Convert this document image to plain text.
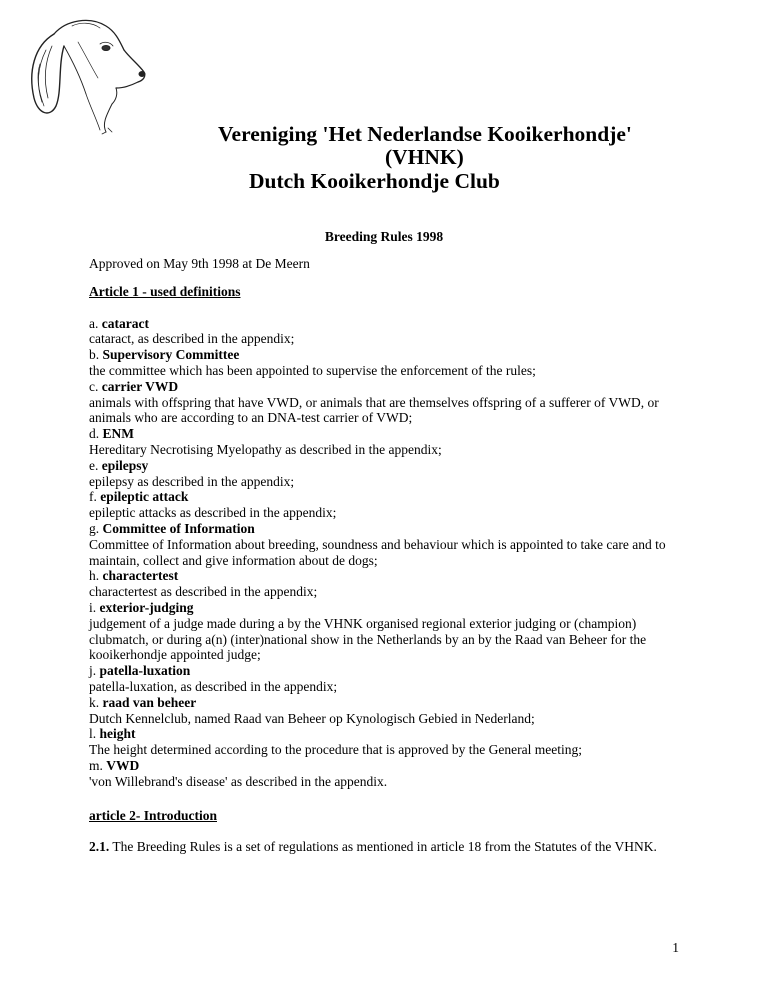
Vereniging 'Het Nederlandse Kooikerhondje'
(VHNK)
Dutch Kooikerhondje Club
Breeding Rules 1998

Approved on May 9th 1998 at De Meern

Article 1 - used definitions

a. cataract
cataract, as described in the appendix;
b. Supervisory Committee
the committee which has been appointed to supervise the enforcement of the rules;
c. carrier VWD
animals with offspring that have VWD, or animals that are themselves offspring of a sufferer of VWD, or animals who are according to an DNA-test carrier of VWD;
d. ENM
Hereditary Necrotising Myelopathy as described in the appendix;
e. epilepsy
epilepsy as described in the appendix;
f. epileptic attack
epileptic attacks as described in the appendix;
g. Committee of Information
Committee of Information about breeding, soundness and behaviour which is appointed to take care and to maintain, collect and give information about de dogs;
h. charactertest
charactertest as described in the appendix;
i. exterior-judging
judgement of a judge made during a by the VHNK organised regional exterior judging or (champion) clubmatch, or during a(n) (inter)national show in the Netherlands by an by the Raad van Beheer for the kooikerhondje appointed judge;
j. patella-luxation
patella-luxation, as described in the appendix;
k. raad van beheer
Dutch Kennelclub, named Raad van Beheer op Kynologisch Gebied in Nederland;
l. height
The height determined according to the procedure that is approved by the General meeting;
m. VWD
'von Willebrand's disease' as described in the appendix.

article 2- Introduction

2.1. The Breeding Rules is a set of regulations as mentioned in article 18 from the Statutes of the VHNK.

1
